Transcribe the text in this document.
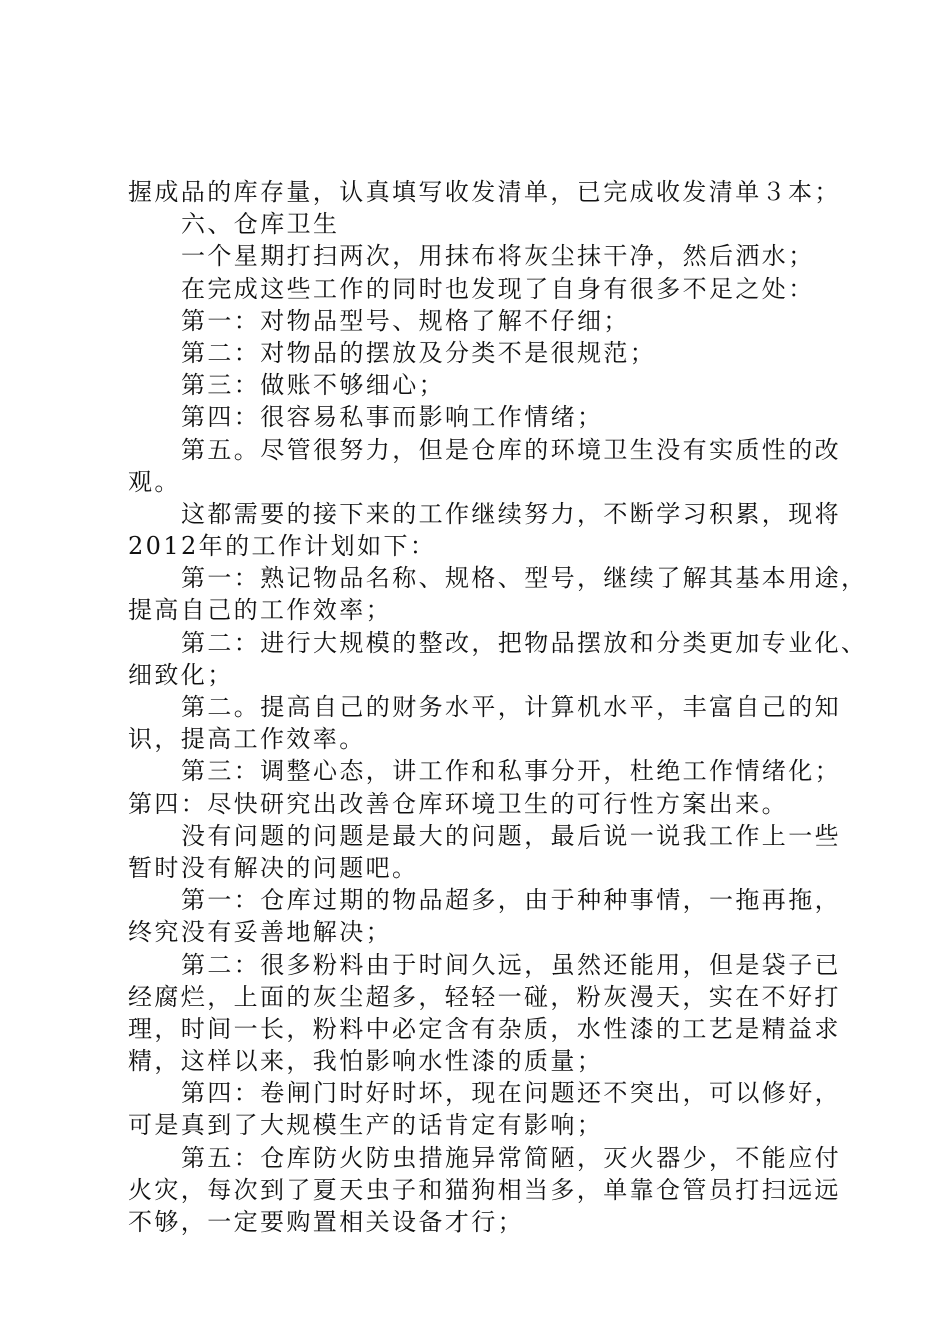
握成品的库存量，认真填写收发清单，已完成收发清单３本；
六、仓库卫生
一个星期打扫两次，用抹布将灰尘抹干净，然后洒水；
在完成这些工作的同时也发现了自身有很多不足之处：
第一：对物品型号、规格了解不仔细；
第二：对物品的摆放及分类不是很规范；
第三：做账不够细心；
第四：很容易私事而影响工作情绪；
第五。尽管很努力，但是仓库的环境卫生没有实质性的改
观。
这都需要的接下来的工作继续努力，不断学习积累，现将
2012年的工作计划如下：
第一：熟记物品名称、规格、型号，继续了解其基本用途，
提高自己的工作效率；
第二：进行大规模的整改，把物品摆放和分类更加专业化、
细致化；
第二。提高自己的财务水平，计算机水平，丰富自己的知
识，提高工作效率。
第三：调整心态，讲工作和私事分开，杜绝工作情绪化；
第四：尽快研究出改善仓库环境卫生的可行性方案出来。
没有问题的问题是最大的问题，最后说一说我工作上一些
暂时没有解决的问题吧。
第一：仓库过期的物品超多，由于种种事情，一拖再拖，
终究没有妥善地解决；
第二：很多粉料由于时间久远，虽然还能用，但是袋子已
经腐烂，上面的灰尘超多，轻轻一碰，粉灰漫天，实在不好打
理，时间一长，粉料中必定含有杂质，水性漆的工艺是精益求
精，这样以来，我怕影响水性漆的质量；
第四：卷闸门时好时坏，现在问题还不突出，可以修好，
可是真到了大规模生产的话肯定有影响；
第五：仓库防火防虫措施异常简陋，灭火器少，不能应付
火灾，每次到了夏天虫子和猫狗相当多，单靠仓管员打扫远远
不够，一定要购置相关设备才行；
